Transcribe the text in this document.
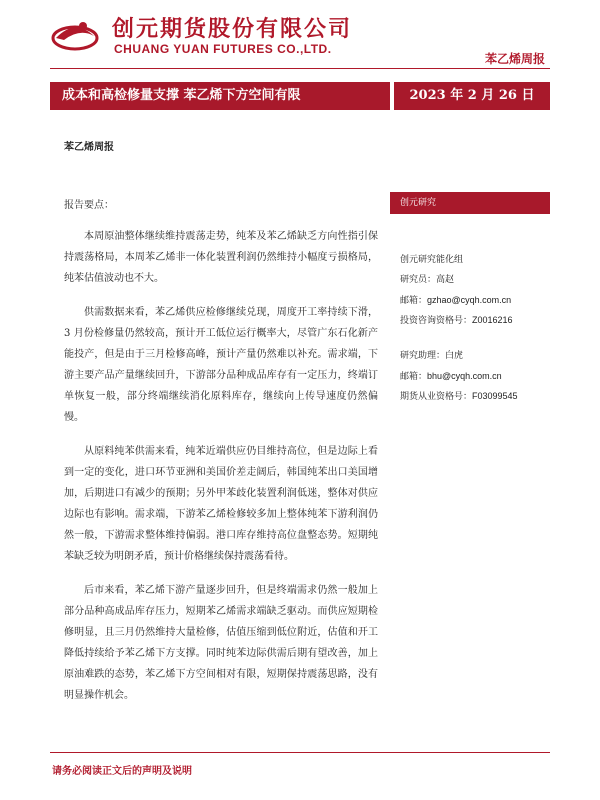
创元期货股份有限公司
CHUANG YUAN FUTURES CO.,LTD.
苯乙烯周报
成本和高检修量支撑 苯乙烯下方空间有限	2023 年 2 月 26 日
苯乙烯周报
报告要点：

本周原油整体继续维持震荡走势，纯苯及苯乙烯缺乏方向性指引保持震荡格局，本周苯乙烯非一体化装置利润仍然维持小幅度亏损格局，纯苯估值波动也不大。

供需数据来看，苯乙烯供应检修继续兑现，周度开工率持续下滑，3 月份检修量仍然较高，预计开工低位运行概率大，尽管广东石化新产能投产，但是由于三月检修高峰，预计产量仍然难以补充。需求端，下游主要产品产量继续回升，下游部分品种成品库存有一定压力，终端订单恢复一般，部分终端继续消化原料库存，继续向上传导速度仍然偏慢。

从原料纯苯供需来看，纯苯近端供应仍目维持高位，但是边际上看到一定的变化，进口环节亚洲和美国价差走阔后，韩国纯苯出口美国增加，后期进口有减少的预期；另外甲苯歧化装置利润低迷，整体对供应边际也有影响。需求端，下游苯乙烯检修较多加上整体纯苯下游利润仍然一般，下游需求整体维持偏弱。港口库存维持高位盘整态势。短期纯苯缺乏较为明朗矛盾，预计价格继续保持震荡看待。

后市来看，苯乙烯下游产量逐步回升，但是终端需求仍然一般加上部分品种高成品库存压力，短期苯乙烯需求端缺乏驱动。而供应短期检修明显，且三月仍然维持大量检修，估值压缩到低位附近，估值和开工降低持续给予苯乙烯下方支撑。同时纯苯边际供需后期有望改善，加上原油难跌的态势，苯乙烯下方空间相对有限，短期保持震荡思路，没有明显操作机会。

创元研究
创元研究能化组
研究员：高赵
邮箱：gzhao@cyqh.com.cn
投资咨询资格号：Z0016216
研究助理：白虎
邮箱：bhu@cyqh.com.cn
期货从业资格号：F03099545
请务必阅读正文后的声明及说明
